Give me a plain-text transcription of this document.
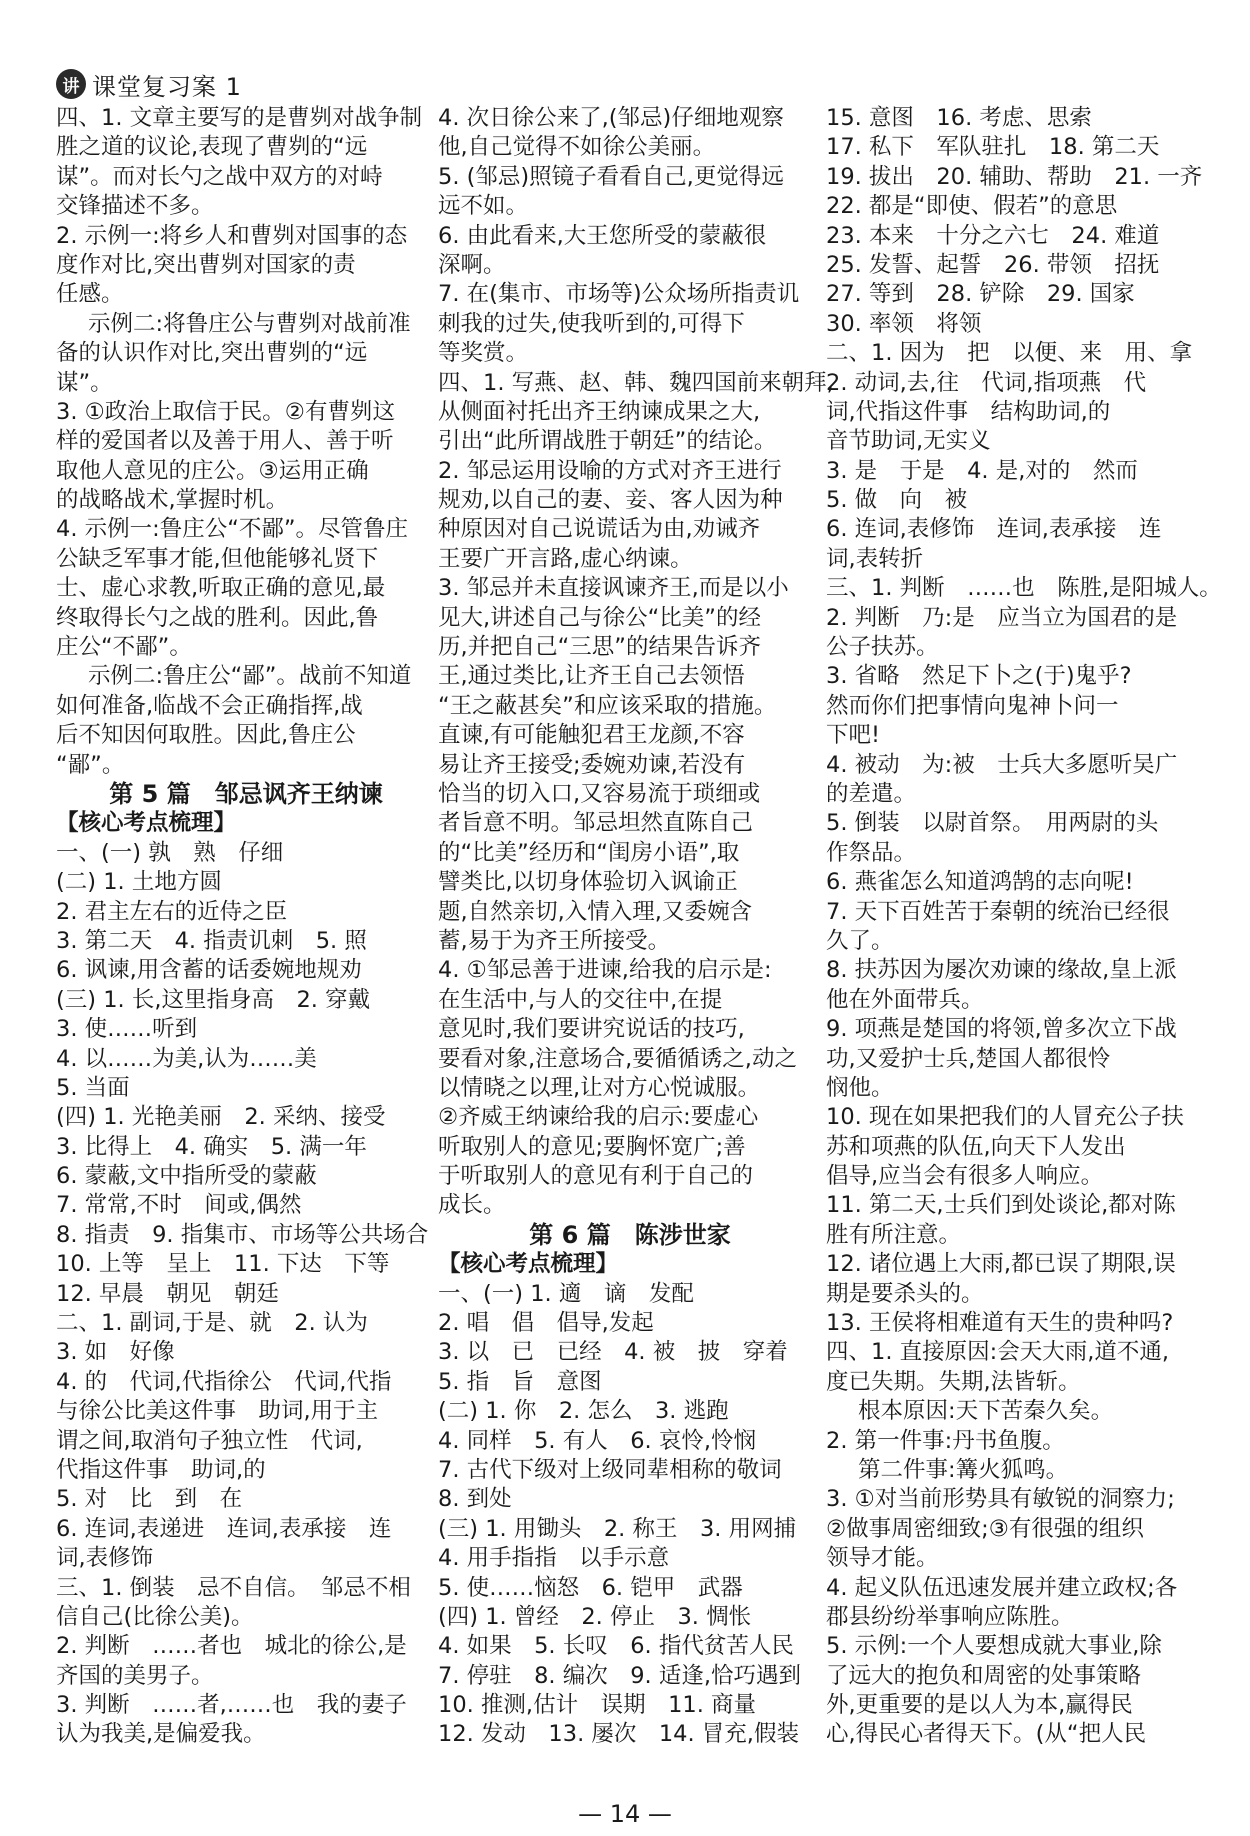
讲 课堂复习案 1
四、1. 文章主要写的是曹刿对战争制
胜之道的议论,表现了曹刿的“远
谋”。而对长勺之战中双方的对峙
交锋描述不多。
2. 示例一:将乡人和曹刿对国事的态
度作对比,突出曹刿对国家的责
任感。
示例二:将鲁庄公与曹刿对战前准
备的认识作对比,突出曹刿的“远
谋”。
3. ①政治上取信于民。②有曹刿这
样的爱国者以及善于用人、善于听
取他人意见的庄公。③运用正确
的战略战术,掌握时机。
4. 示例一:鲁庄公“不鄙”。尽管鲁庄
公缺乏军事才能,但他能够礼贤下
士、虚心求教,听取正确的意见,最
终取得长勺之战的胜利。因此,鲁
庄公“不鄙”。
示例二:鲁庄公“鄙”。战前不知道
如何准备,临战不会正确指挥,战
后不知因何取胜。因此,鲁庄公
“鄙”。
第 5 篇　邹忌讽齐王纳谏
【核心考点梳理】
一、(一) 孰　熟　仔细
(二) 1. 土地方圆
2. 君主左右的近侍之臣
3. 第二天　4. 指责讥刺　5. 照
6. 讽谏,用含蓄的话委婉地规劝
(三) 1. 长,这里指身高　2. 穿戴
3. 使……听到
4. 以……为美,认为……美
5. 当面
(四) 1. 光艳美丽　2. 采纳、接受
3. 比得上　4. 确实　5. 满一年
6. 蒙蔽,文中指所受的蒙蔽
7. 常常,不时　间或,偶然
8. 指责　9. 指集市、市场等公共场合
10. 上等　呈上　11. 下达　下等
12. 早晨　朝见　朝廷
二、1. 副词,于是、就　2. 认为
3. 如　好像
4. 的　代词,代指徐公　代词,代指
与徐公比美这件事　助词,用于主
谓之间,取消句子独立性　代词,
代指这件事　助词,的
5. 对　比　到　在
6. 连词,表递进　连词,表承接　连
词,表修饰
三、1. 倒装　忌不自信。　邹忌不相
信自己(比徐公美)。
2. 判断　……者也　城北的徐公,是
齐国的美男子。
3. 判断　……者,……也　我的妻子
认为我美,是偏爱我。
4. 次日徐公来了,(邹忌)仔细地观察
他,自己觉得不如徐公美丽。
5. (邹忌)照镜子看看自己,更觉得远
远不如。
6. 由此看来,大王您所受的蒙蔽很
深啊。
7. 在(集市、市场等)公众场所指责讥
刺我的过失,使我听到的,可得下
等奖赏。
四、1. 写燕、赵、韩、魏四国前来朝拜,
从侧面衬托出齐王纳谏成果之大,
引出“此所谓战胜于朝廷”的结论。
2. 邹忌运用设喻的方式对齐王进行
规劝,以自己的妻、妾、客人因为种
种原因对自己说谎话为由,劝诫齐
王要广开言路,虚心纳谏。
3. 邹忌并未直接讽谏齐王,而是以小
见大,讲述自己与徐公“比美”的经
历,并把自己“三思”的结果告诉齐
王,通过类比,让齐王自己去领悟
“王之蔽甚矣”和应该采取的措施。
直谏,有可能触犯君王龙颜,不容
易让齐王接受;委婉劝谏,若没有
恰当的切入口,又容易流于琐细或
者旨意不明。邹忌坦然直陈自己
的“比美”经历和“闺房小语”,取
譬类比,以切身体验切入讽谕正
题,自然亲切,入情入理,又委婉含
蓄,易于为齐王所接受。
4. ①邹忌善于进谏,给我的启示是:
在生活中,与人的交往中,在提
意见时,我们要讲究说话的技巧,
要看对象,注意场合,要循循诱之,动之
以情晓之以理,让对方心悦诚服。
②齐威王纳谏给我的启示:要虚心
听取别人的意见;要胸怀宽广;善
于听取别人的意见有利于自己的
成长。
第 6 篇　陈涉世家
【核心考点梳理】
一、(一) 1. 適　谪　发配
2. 唱　倡　倡导,发起
3. 以　已　已经　4. 被　披　穿着
5. 指　旨　意图
(二) 1. 你　2. 怎么　3. 逃跑
4. 同样　5. 有人　6. 哀怜,怜悯
7. 古代下级对上级同辈相称的敬词
8. 到处
(三) 1. 用锄头　2. 称王　3. 用网捕
4. 用手指指　以手示意
5. 使……恼怒　6. 铠甲　武器
(四) 1. 曾经　2. 停止　3. 惆怅
4. 如果　5. 长叹　6. 指代贫苦人民
7. 停驻　8. 编次　9. 适逢,恰巧遇到
10. 推测,估计　误期　11. 商量
12. 发动　13. 屡次　14. 冒充,假装
15. 意图　16. 考虑、思索
17. 私下　军队驻扎　18. 第二天
19. 拔出　20. 辅助、帮助　21. 一齐
22. 都是“即使、假若”的意思
23. 本来　十分之六七　24. 难道
25. 发誓、起誓　26. 带领　招抚
27. 等到　28. 铲除　29. 国家
30. 率领　将领
二、1. 因为　把　以便、来　用、拿
2. 动词,去,往　代词,指项燕　代
词,代指这件事　结构助词,的
音节助词,无实义
3. 是　于是　4. 是,对的　然而
5. 做　向　被
6. 连词,表修饰　连词,表承接　连
词,表转折
三、1. 判断　……也　陈胜,是阳城人。
2. 判断　乃:是　应当立为国君的是
公子扶苏。
3. 省略　然足下卜之(于)鬼乎?
然而你们把事情向鬼神卜问一
下吧!
4. 被动　为:被　士兵大多愿听吴广
的差遣。
5. 倒装　以尉首祭。　用两尉的头
作祭品。
6. 燕雀怎么知道鸿鹄的志向呢!
7. 天下百姓苦于秦朝的统治已经很
久了。
8. 扶苏因为屡次劝谏的缘故,皇上派
他在外面带兵。
9. 项燕是楚国的将领,曾多次立下战
功,又爱护士兵,楚国人都很怜
悯他。
10. 现在如果把我们的人冒充公子扶
苏和项燕的队伍,向天下人发出
倡导,应当会有很多人响应。
11. 第二天,士兵们到处谈论,都对陈
胜有所注意。
12. 诸位遇上大雨,都已误了期限,误
期是要杀头的。
13. 王侯将相难道有天生的贵种吗?
四、1. 直接原因:会天大雨,道不通,
度已失期。失期,法皆斩。
根本原因:天下苦秦久矣。
2. 第一件事:丹书鱼腹。
第二件事:篝火狐鸣。
3. ①对当前形势具有敏锐的洞察力;
②做事周密细致;③有很强的组织
领导才能。
4. 起义队伍迅速发展并建立政权;各
郡县纷纷举事响应陈胜。
5. 示例:一个人要想成就大事业,除
了远大的抱负和周密的处事策略
外,更重要的是以人为本,赢得民
心,得民心者得天下。(从“把人民
— 14 —
